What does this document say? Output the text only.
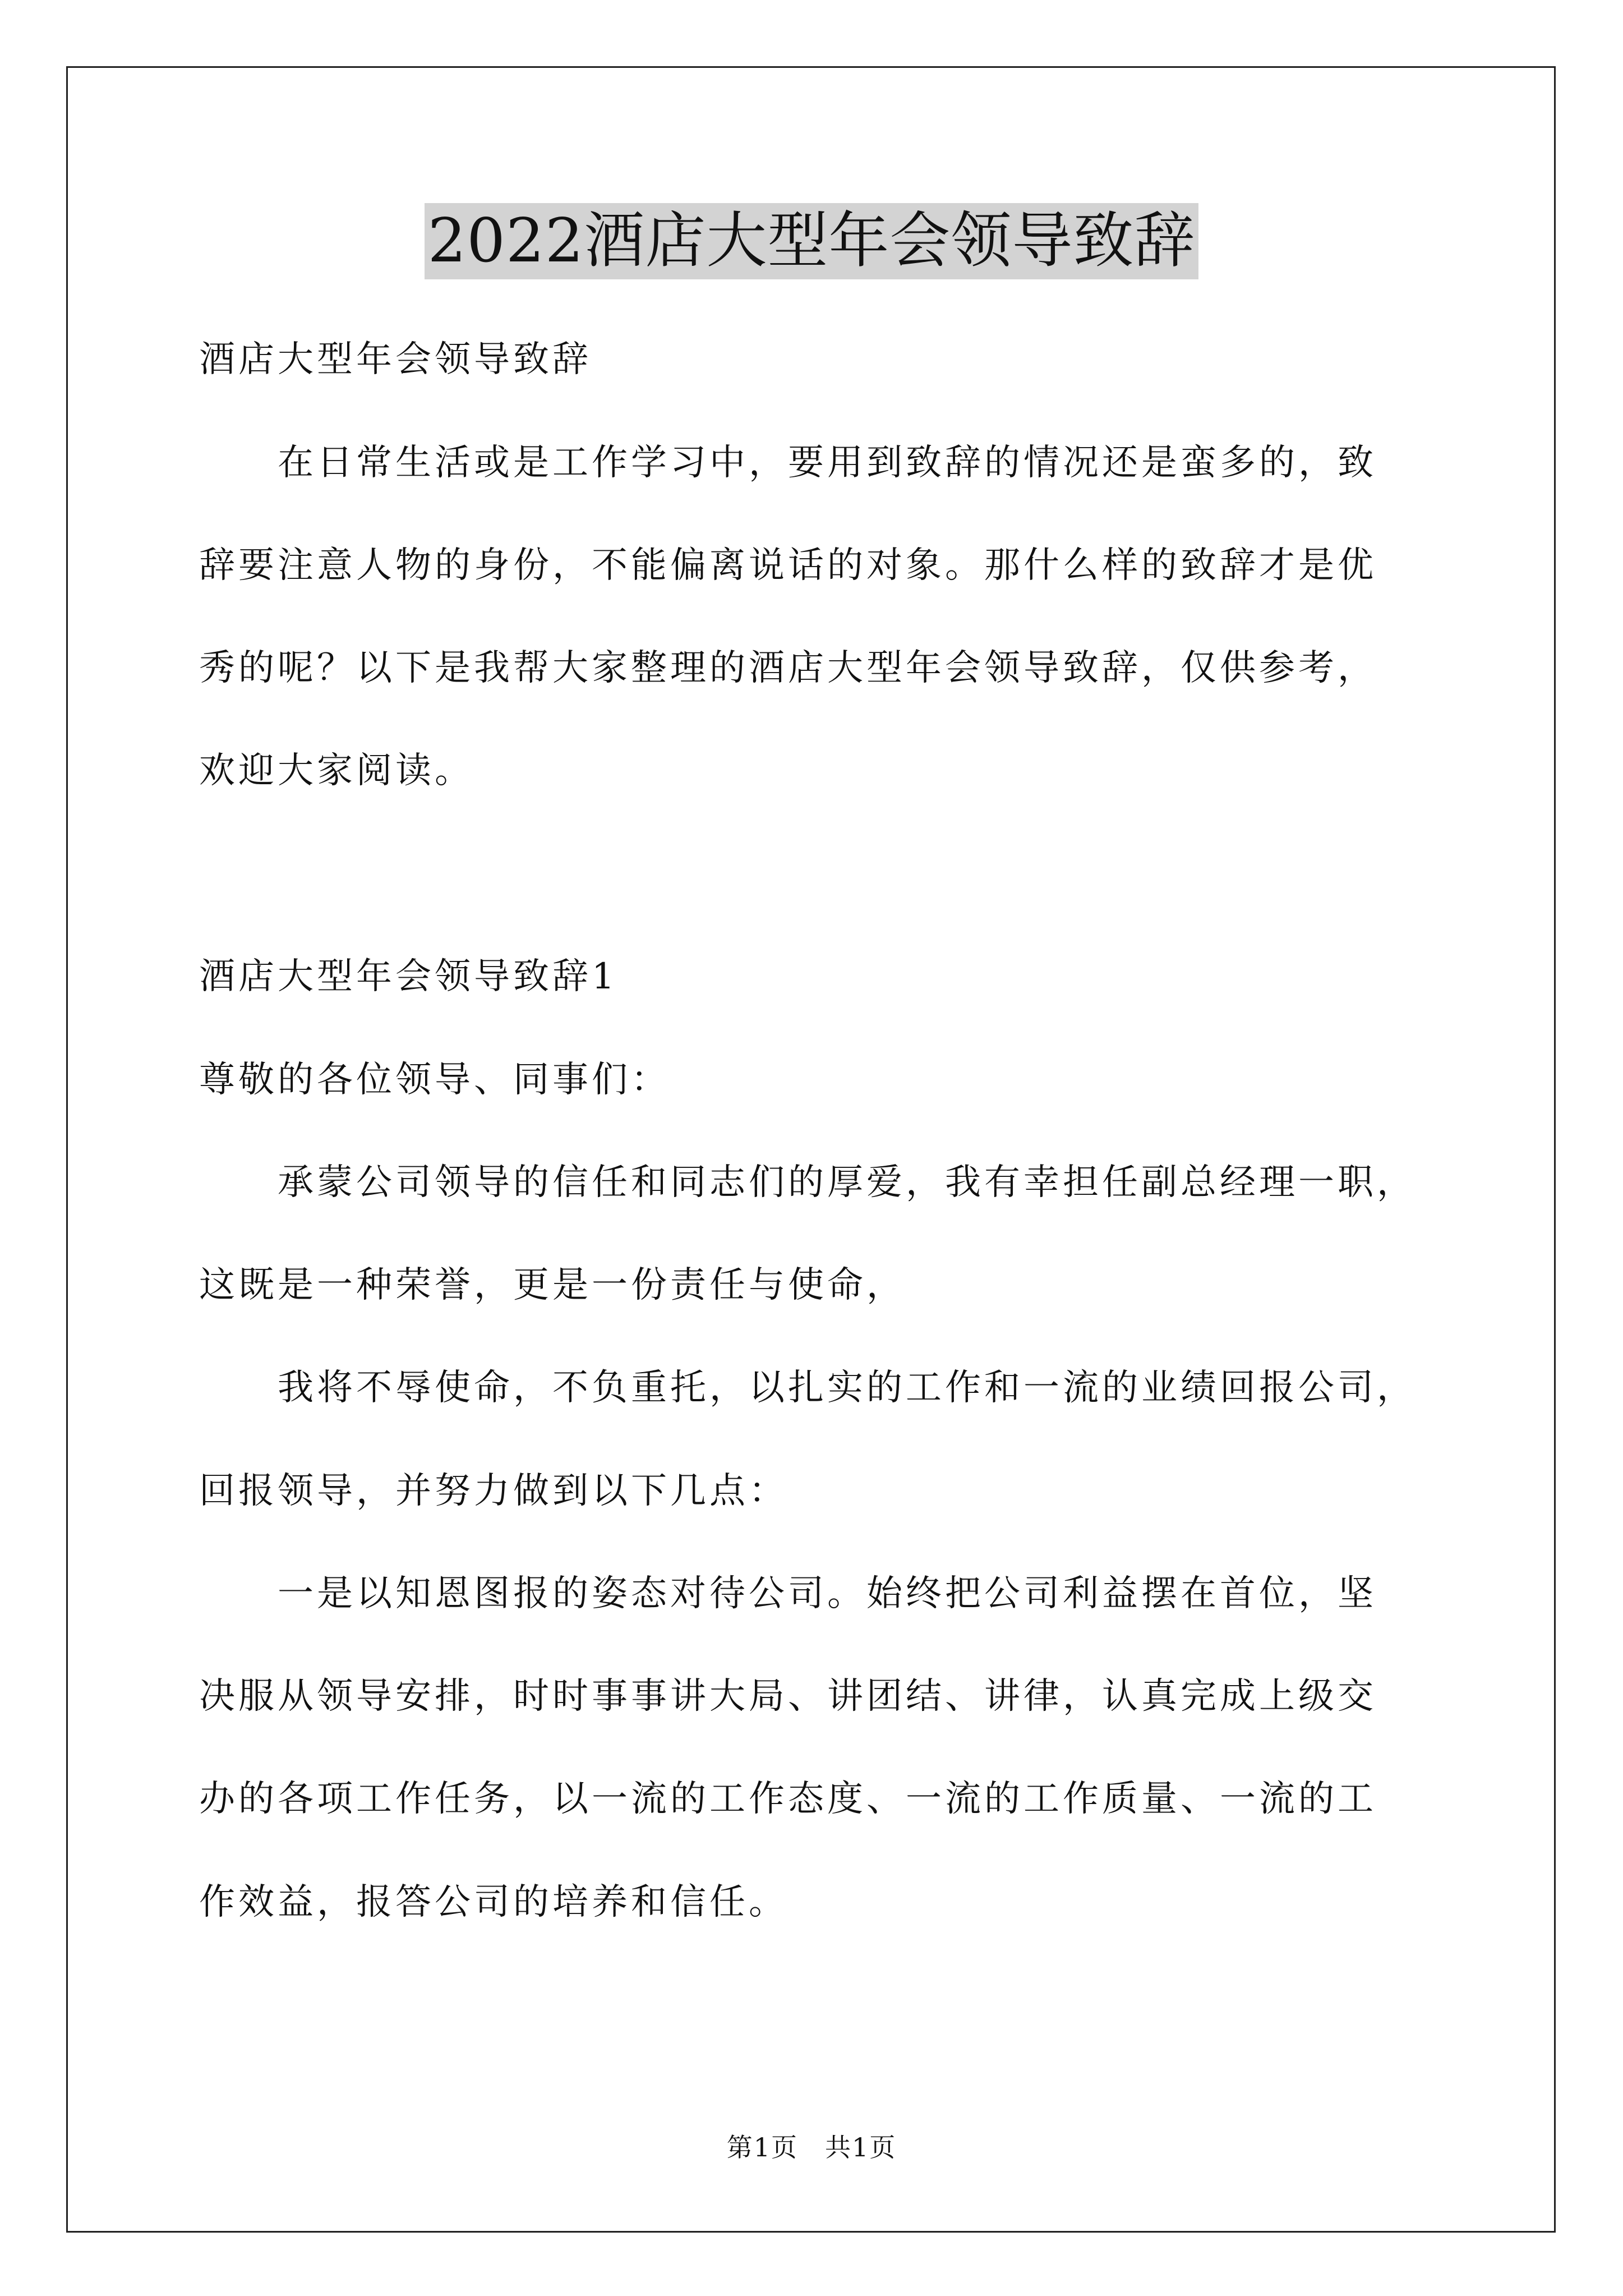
2022酒店大型年会领导致辞
酒店大型年会领导致辞
　　在日常生活或是工作学习中，要用到致辞的情况还是蛮多的，致
辞要注意人物的身份，不能偏离说话的对象。那什么样的致辞才是优
秀的呢？以下是我帮大家整理的酒店大型年会领导致辞，仅供参考，
欢迎大家阅读。
酒店大型年会领导致辞1
尊敬的各位领导、同事们：
　　承蒙公司领导的信任和同志们的厚爱，我有幸担任副总经理一职，
这既是一种荣誉，更是一份责任与使命，
　　我将不辱使命，不负重托，以扎实的工作和一流的业绩回报公司，
回报领导，并努力做到以下几点：
　　一是以知恩图报的姿态对待公司。始终把公司利益摆在首位，坚
决服从领导安排，时时事事讲大局、讲团结、讲律，认真完成上级交
办的各项工作任务，以一流的工作态度、一流的工作质量、一流的工
作效益，报答公司的培养和信任。
第1页　共1页
